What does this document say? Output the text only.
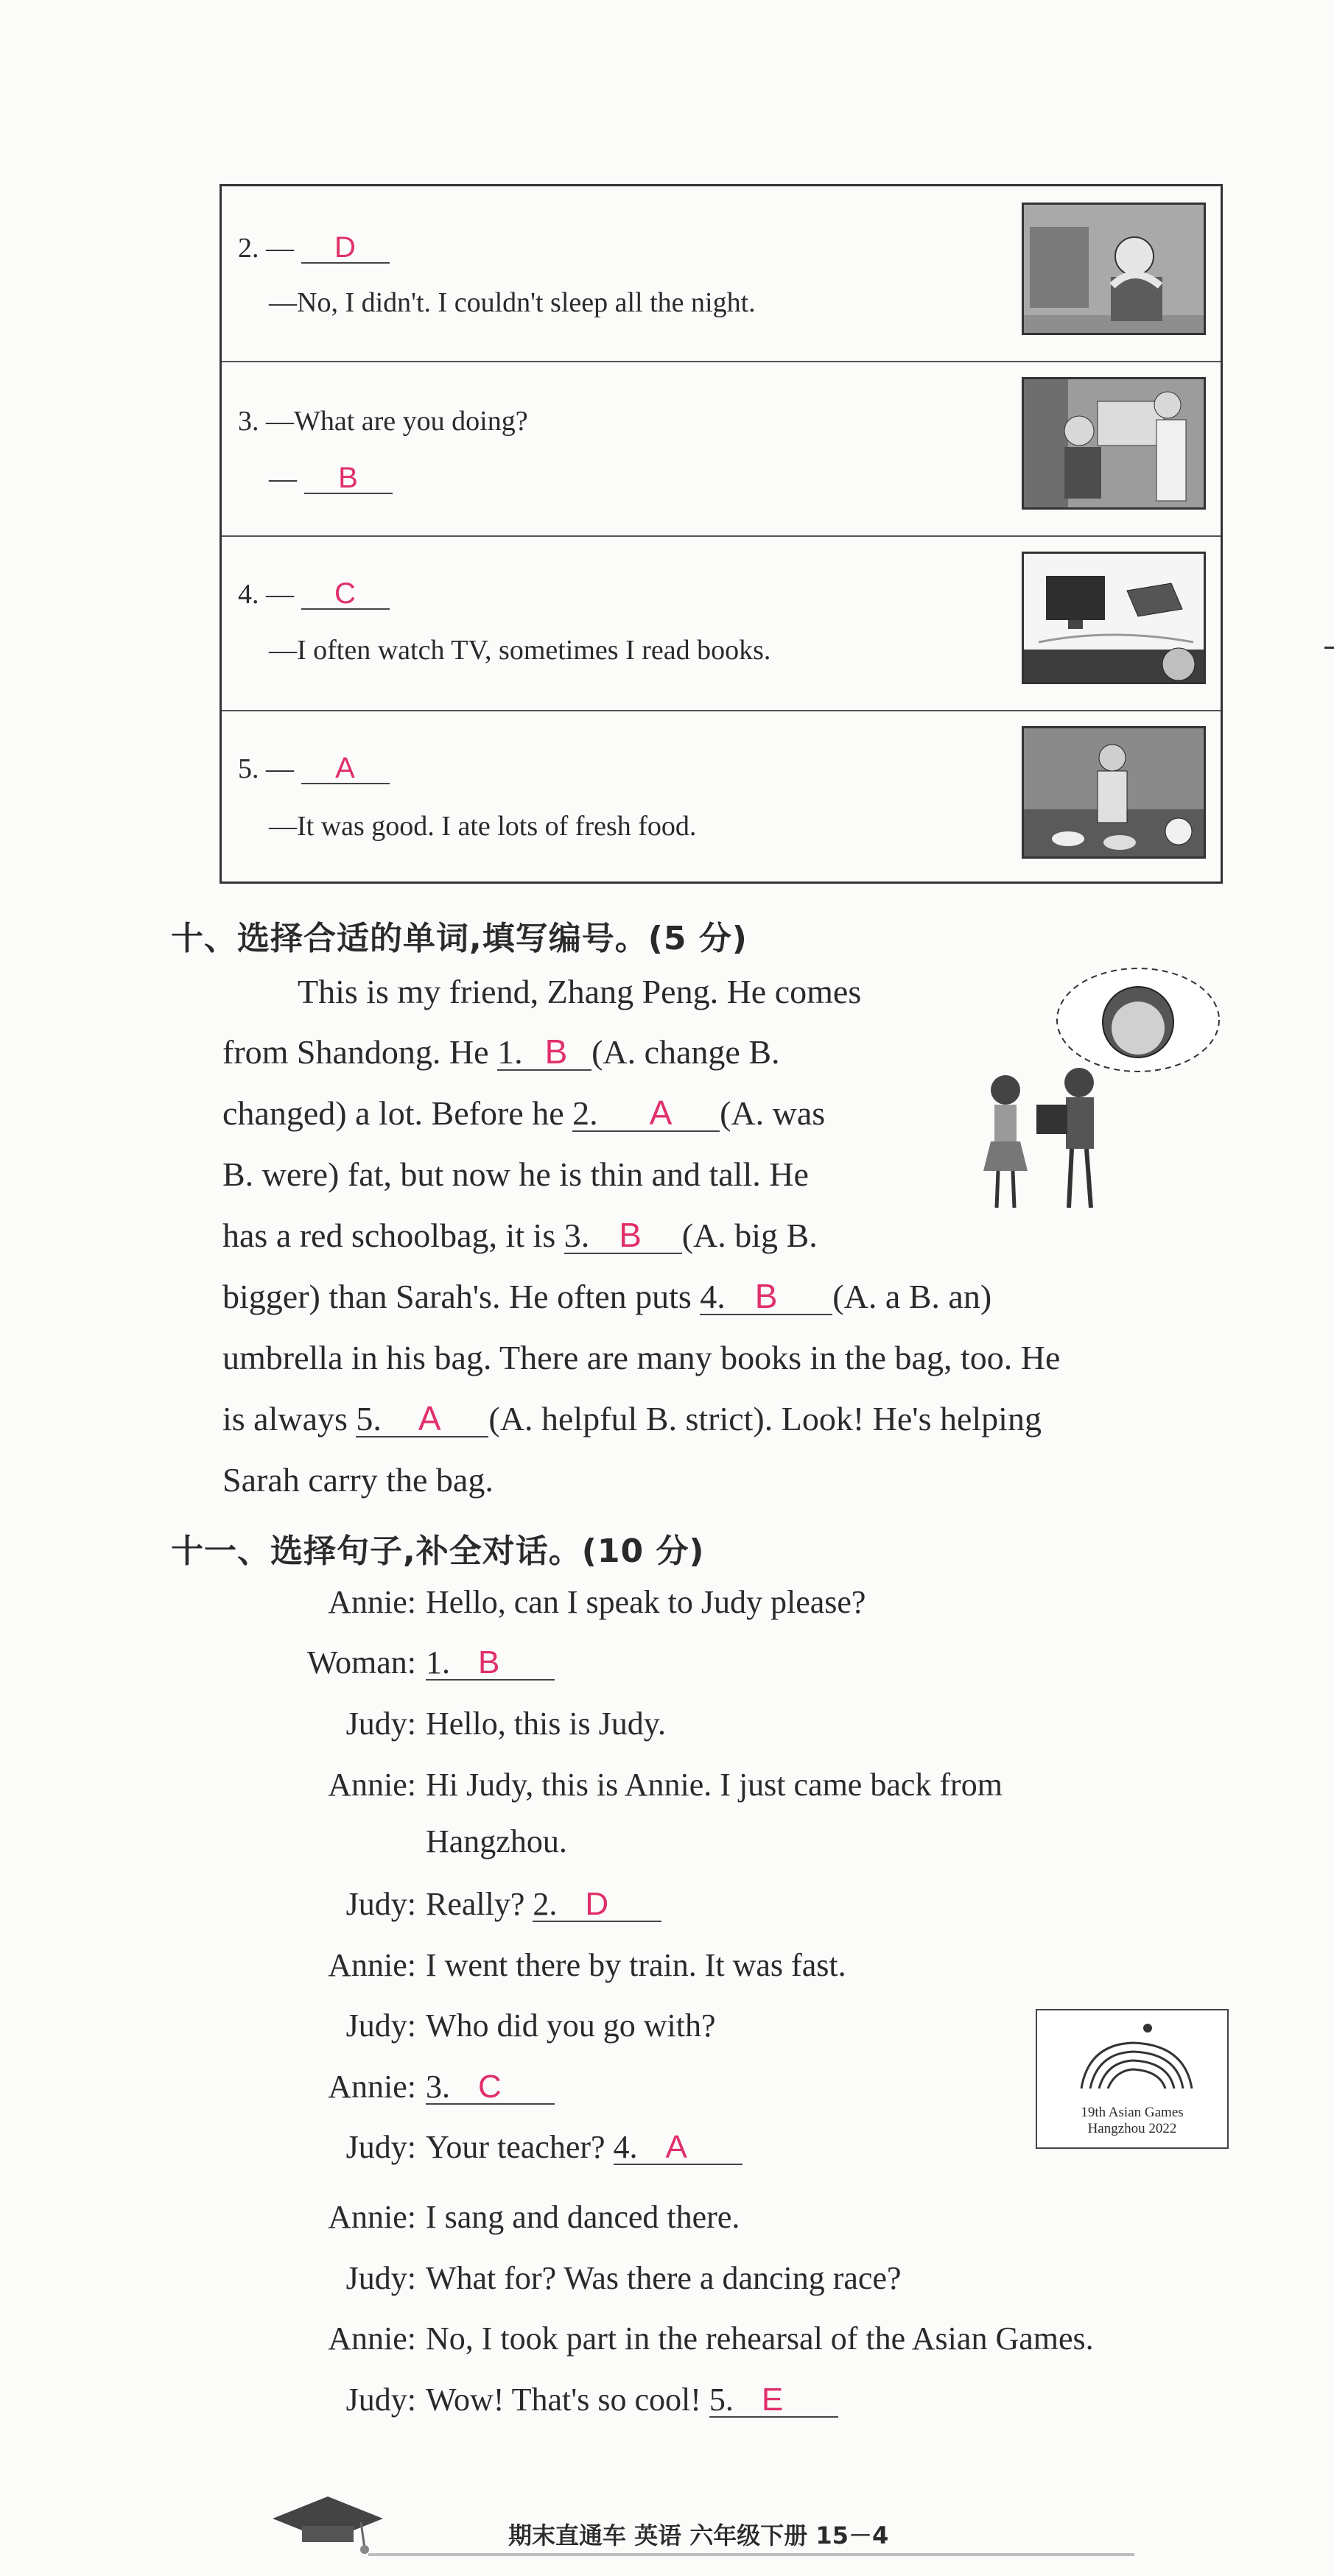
2. — D
—No, I didn't. I couldn't sleep all the night.
3. —What are you doing?
— B
4. — C
—I often watch TV, sometimes I read books.
5. — A
—It was good. I ate lots of fresh food.
十、选择合适的单词,填写编号。(5 分)
This is my friend, Zhang Peng. He comes
from Shandong. He 1. B (A. change B.
changed) a lot. Before he 2. A (A. was
B. were) fat, but now he is thin and tall. He
has a red schoolbag, it is 3. B (A. big B.
bigger) than Sarah's. He often puts 4. B (A. a B. an)
umbrella in his bag. There are many books in the bag, too. He
is always 5. A (A. helpful B. strict). Look! He's helping
Sarah carry the bag.
十一、选择句子,补全对话。(10 分)
Annie: Hello, can I speak to Judy please?
Woman: 1. B
Judy: Hello, this is Judy.
Annie: Hi Judy, this is Annie. I just came back from
Hangzhou.
Judy: Really? 2. D
Annie: I went there by train. It was fast.
Judy: Who did you go with?
Annie: 3. C
Judy: Your teacher? 4. A
Annie: I sang and danced there.
Judy: What for? Was there a dancing race?
Annie: No, I took part in the rehearsal of the Asian Games.
Judy: Wow! That's so cool! 5. E
19th Asian Games
Hangzhou 2022
期末直通车 英语 六年级下册 15－4
